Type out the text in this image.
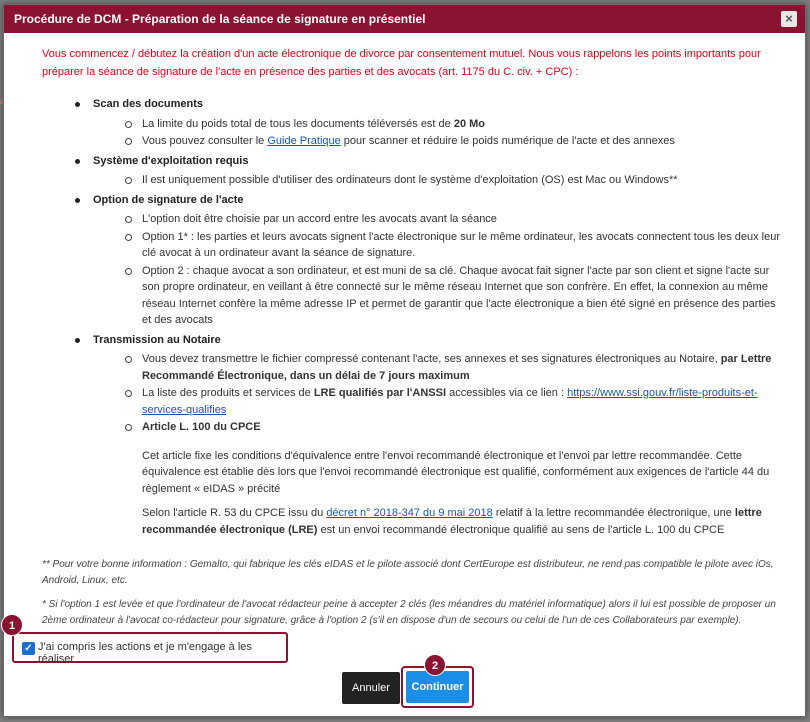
Procédure de DCM - Préparation de la séance de signature en présentiel	×
Vous commencez / débutez la création d'un acte électronique de divorce par consentement mutuel. Nous vous rappelons les points importants pour préparer la séance de signature de l'acte en présence des parties et des avocats (art. 1175 du C. civ. + CPC) :
Scan des documents
La limite du poids total de tous les documents téléversés est de 20 Mo
Vous pouvez consulter le Guide Pratique pour scanner et réduire le poids numérique de l'acte et des annexes
Système d'exploitation requis
Il est uniquement possible d'utiliser des ordinateurs dont le système d'exploitation (OS) est Mac ou Windows**
Option de signature de l'acte
L'option doit être choisie par un accord entre les avocats avant la séance
Option 1* : les parties et leurs avocats signent l'acte électronique sur le même ordinateur, les avocats connectent tous les deux leur clé avocat à un ordinateur avant la séance de signature.
Option 2 : chaque avocat a son ordinateur, et est muni de sa clé. Chaque avocat fait signer l'acte par son client et signe l'acte sur son propre ordinateur, en veillant à être connecté sur le même réseau Internet que son confrère. En effet, la connexion au même réseau Internet confère la même adresse IP et permet de garantir que l'acte électronique a bien été signé en présence des parties et des avocats
Transmission au Notaire
Vous devez transmettre le fichier compressé contenant l'acte, ses annexes et ses signatures électroniques au Notaire, par Lettre Recommandé Électronique, dans un délai de 7 jours maximum
La liste des produits et services de LRE qualifiés par l'ANSSI accessibles via ce lien : https://www.ssi.gouv.fr/liste-produits-et-services-qualifies
Article L. 100 du CPCE

Cet article fixe les conditions d'équivalence entre l'envoi recommandé électronique et l'envoi par lettre recommandée. Cette équivalence est établie dès lors que l'envoi recommandé électronique est qualifié, conformément aux exigences de l'article 44 du règlement « eIDAS » précité

Selon l'article R. 53 du CPCE issu du décret n° 2018-347 du 9 mai 2018 relatif à la lettre recommandée électronique, une lettre recommandée électronique (LRE) est un envoi recommandé électronique qualifié au sens de l'article L. 100 du CPCE

** Pour votre bonne information : Gemalto, qui fabrique les clés eIDAS et le pilote associé dont CertEurope est distributeur, ne rend pas compatible le pilote avec iOs, Android, Linux, etc.
* Si l'option 1 est levée et que l'ordinateur de l'avocat rédacteur peine à accepter 2 clés (les méandres du matériel informatique) alors il lui est possible de proposer un 2ème ordinateur à l'avocat co-rédacteur pour signature, grâce à l'option 2 (s'il en dispose d'un de secours ou celui de l'un de ces Collaborateurs par exemple).
✓ J'ai compris les actions et je m'engage à les réaliser
1
Annuler	Continuer
2
